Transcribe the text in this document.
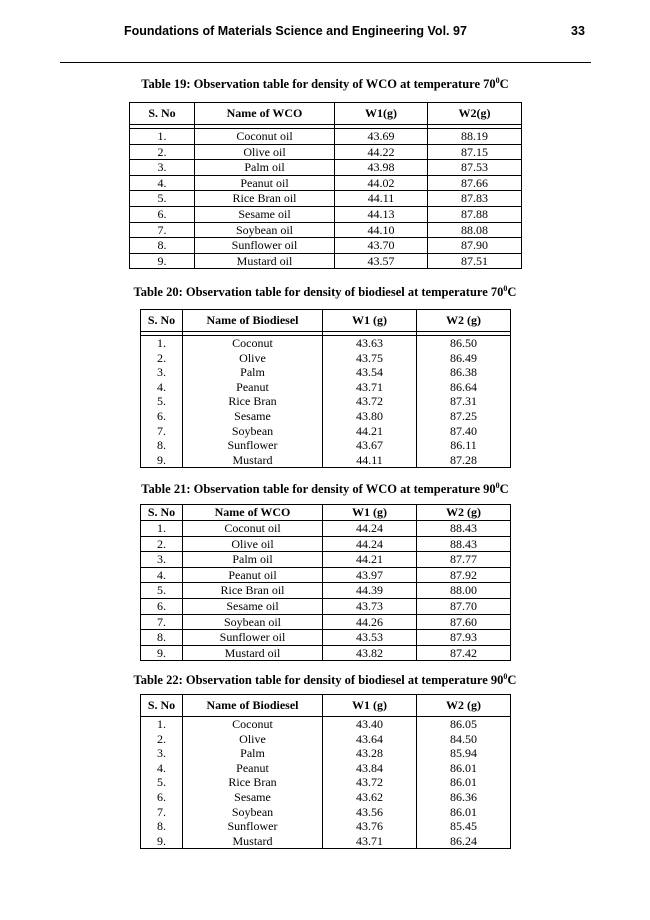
Foundations of Materials Science and Engineering Vol. 97	33
Table 19: Observation table for density of WCO at temperature $70^0C$
S. No	Name of WCO	W1(g)	W2(g)

1.	Coconut oil	43.69	88.19
2.	Olive oil	44.22	87.15
3.	Palm oil	43.98	87.53
4.	Peanut oil	44.02	87.66
5.	Rice Bran oil	44.11	87.83
6.	Sesame oil	44.13	87.88
7.	Soybean oil	44.10	88.08
8.	Sunflower oil	43.70	87.90
9.	Mustard oil	43.57	87.51
Table 20: Observation table for density of biodiesel at temperature $70^0C$
S. No	Name of Biodiesel	W1 (g)	W2 (g)

1.	Coconut	43.63	86.50
2.	Olive	43.75	86.49
3.	Palm	43.54	86.38
4.	Peanut	43.71	86.64
5.	Rice Bran	43.72	87.31
6.	Sesame	43.80	87.25
7.	Soybean	44.21	87.40
8.	Sunflower	43.67	86.11
9.	Mustard	44.11	87.28
Table 21: Observation table for density of WCO at temperature $90^0C$
S. No	Name of WCO	W1 (g)	W2 (g)
1.	Coconut oil	44.24	88.43
2.	Olive oil	44.24	88.43
3.	Palm oil	44.21	87.77
4.	Peanut oil	43.97	87.92
5.	Rice Bran oil	44.39	88.00
6.	Sesame oil	43.73	87.70
7.	Soybean oil	44.26	87.60
8.	Sunflower oil	43.53	87.93
9.	Mustard oil	43.82	87.42
Table 22: Observation table for density of biodiesel at temperature $90^0C$
S. No	Name of Biodiesel	W1 (g)	W2 (g)
1.	Coconut	43.40	86.05
2.	Olive	43.64	84.50
3.	Palm	43.28	85.94
4.	Peanut	43.84	86.01
5.	Rice Bran	43.72	86.01
6.	Sesame	43.62	86.36
7.	Soybean	43.56	86.01
8.	Sunflower	43.76	85.45
9.	Mustard	43.71	86.24
